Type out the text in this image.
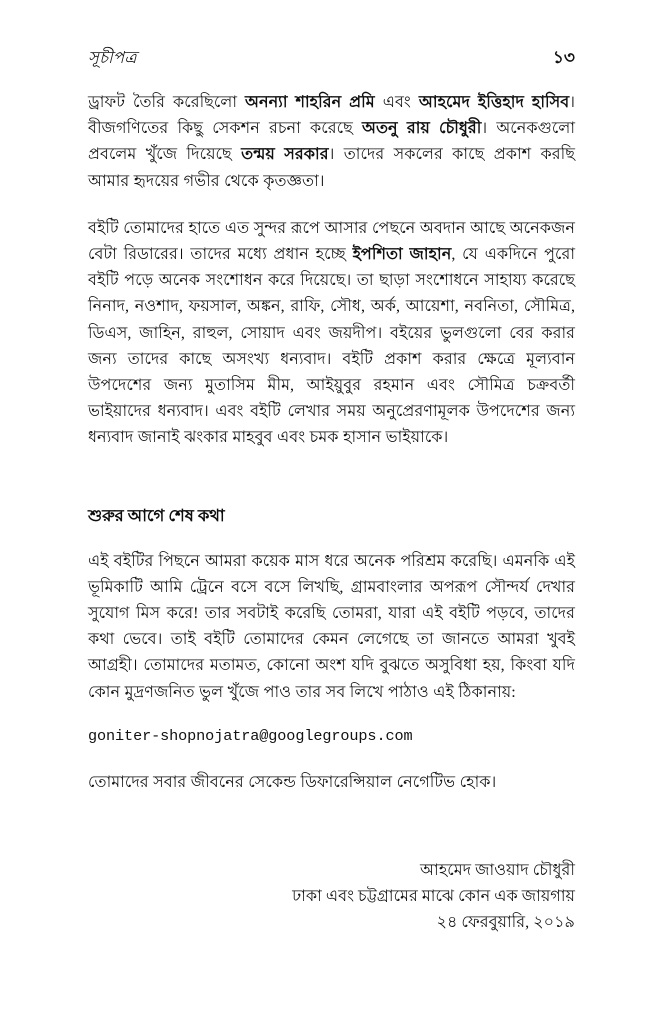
সূচীপত্র	১৩

ড্রাফট তৈরি করেছিলো অনন্যা শাহরিন প্রমি এবং আহমেদ ইত্তিহাদ হাসিব। বীজগণিতের কিছু সেকশন রচনা করেছে অতনু রায় চৌধুরী। অনেকগুলো প্রবলেম খুঁজে দিয়েছে তন্ময় সরকার। তাদের সকলের কাছে প্রকাশ করছি আমার হৃদয়ের গভীর থেকে কৃতজ্ঞতা।

বইটি তোমাদের হাতে এত সুন্দর রূপে আসার পেছনে অবদান আছে অনেকজন বেটা রিডারের। তাদের মধ্যে প্রধান হচ্ছে ইপশিতা জাহান, যে একদিনে পুরো বইটি পড়ে অনেক সংশোধন করে দিয়েছে। তা ছাড়া সংশোধনে সাহায্য করেছে নিনাদ, নওশাদ, ফয়সাল, অঙ্কন, রাফি, সৌধ, অর্ক, আয়েশা, নবনিতা, সৌমিত্র, ডিএস, জাহিন, রাহুল, সোয়াদ এবং জয়দীপ। বইয়ের ভুলগুলো বের করার জন্য তাদের কাছে অসংখ্য ধন্যবাদ। বইটি প্রকাশ করার ক্ষেত্রে মূল্যবান উপদেশের জন্য মুতাসিম মীম, আইয়ুবুর রহমান এবং সৌমিত্র চক্রবর্তী ভাইয়াদের ধন্যবাদ। এবং বইটি লেখার সময় অনুপ্রেরণামূলক উপদেশের জন্য ধন্যবাদ জানাই ঝংকার মাহবুব এবং চমক হাসান ভাইয়াকে।

শুরুর আগে শেষ কথা

এই বইটির পিছনে আমরা কয়েক মাস ধরে অনেক পরিশ্রম করেছি। এমনকি এই ভূমিকাটি আমি ট্রেনে বসে বসে লিখছি, গ্রামবাংলার অপরূপ সৌন্দর্য দেখার সুযোগ মিস করে! তার সবটাই করেছি তোমরা, যারা এই বইটি পড়বে, তাদের কথা ভেবে। তাই বইটি তোমাদের কেমন লেগেছে তা জানতে আমরা খুবই আগ্রহী। তোমাদের মতামত, কোনো অংশ যদি বুঝতে অসুবিধা হয়, কিংবা যদি কোন মুদ্রণজনিত ভুল খুঁজে পাও তার সব লিখে পাঠাও এই ঠিকানায়:

goniter-shopnojatra@googlegroups.com

তোমাদের সবার জীবনের সেকেন্ড ডিফারেন্সিয়াল নেগেটিভ হোক।

আহমেদ জাওয়াদ চৌধুরী
ঢাকা এবং চট্টগ্রামের মাঝে কোন এক জায়গায়
২৪ ফেরবুয়ারি, ২০১৯
